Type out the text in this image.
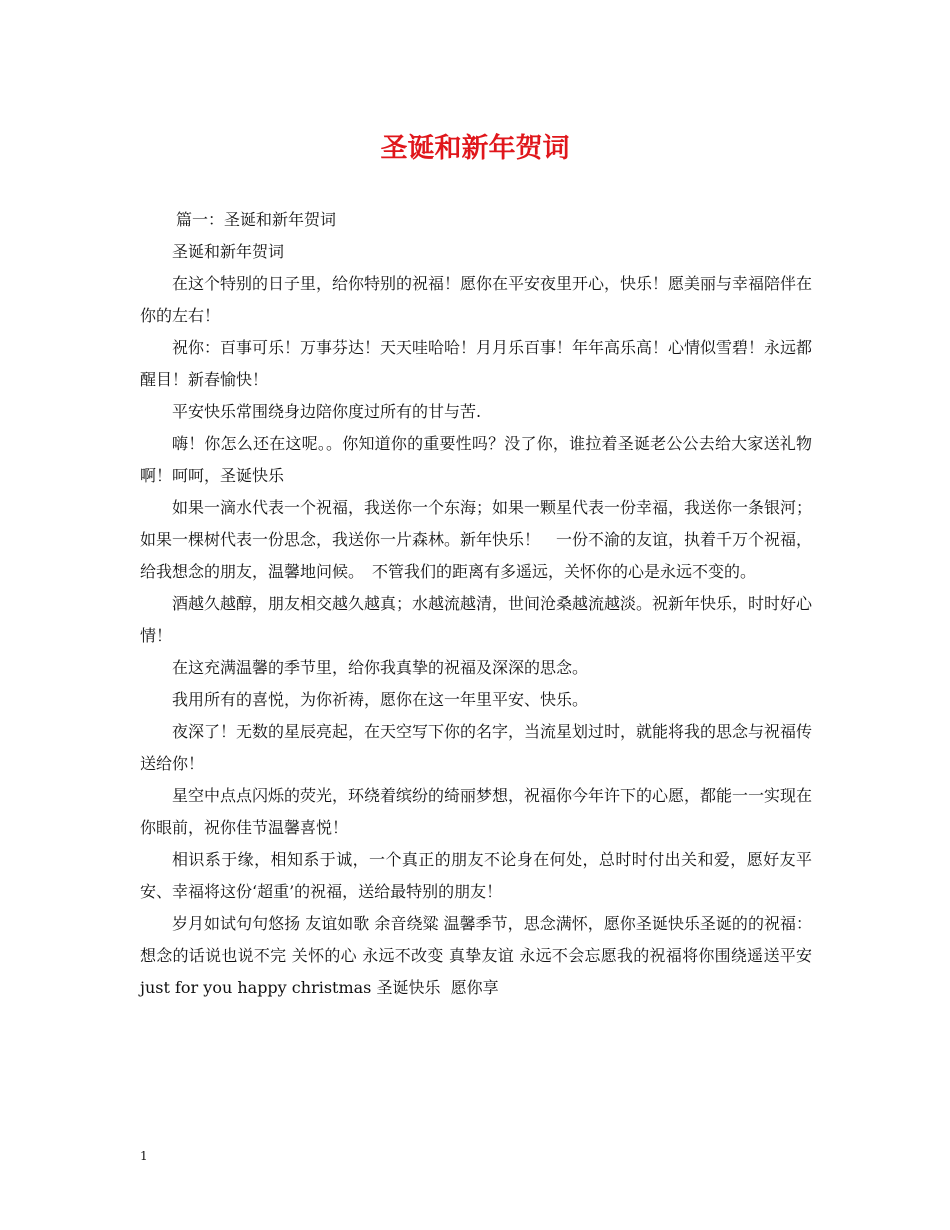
圣诞和新年贺词

篇一：圣诞和新年贺词

圣诞和新年贺词

在这个特别的日子里，给你特别的祝福！愿你在平安夜里开心，快乐！愿美丽与幸福陪伴在你的左右！

祝你：百事可乐！万事芬达！天天哇哈哈！月月乐百事！年年高乐高！心情似雪碧！永远都醒目！新春愉快！

平安快乐常围绕身边陪你度过所有的甘与苦.

嗨！你怎么还在这呢。。你知道你的重要性吗？没了你，谁拉着圣诞老公公去给大家送礼物啊！呵呵，圣诞快乐

如果一滴水代表一个祝福，我送你一个东海；如果一颗星代表一份幸福，我送你一条银河；如果一棵树代表一份思念，我送你一片森林。新年快乐！　一份不渝的友谊，执着千万个祝福，给我想念的朋友，温馨地问候。　不管我们的距离有多遥远，关怀你的心是永远不变的。

酒越久越醇，朋友相交越久越真；水越流越清，世间沧桑越流越淡。祝新年快乐，时时好心情！

在这充满温馨的季节里，给你我真挚的祝福及深深的思念。

我用所有的喜悦，为你祈祷，愿你在这一年里平安、快乐。

夜深了！无数的星辰亮起，在天空写下你的名字，当流星划过时，就能将我的思念与祝福传送给你！

星空中点点闪烁的荧光，环绕着缤纷的绮丽梦想，祝福你今年许下的心愿，都能一一实现在你眼前，祝你佳节温馨喜悦！

相识系于缘，相知系于诚，一个真正的朋友不论身在何处，总时时付出关和爱，愿好友平安、幸福将这份‘超重’的祝福，送给最特别的朋友！

岁月如试句句悠扬 友谊如歌 余音绕粱 温馨季节，思念满怀，愿你圣诞快乐圣诞的的祝福：想念的话说也说不完 关怀的心 永远不改变 真挚友谊 永远不会忘愿我的祝福将你围绕遥送平安 just for you happy christmas 圣诞快乐  愿你享

1
